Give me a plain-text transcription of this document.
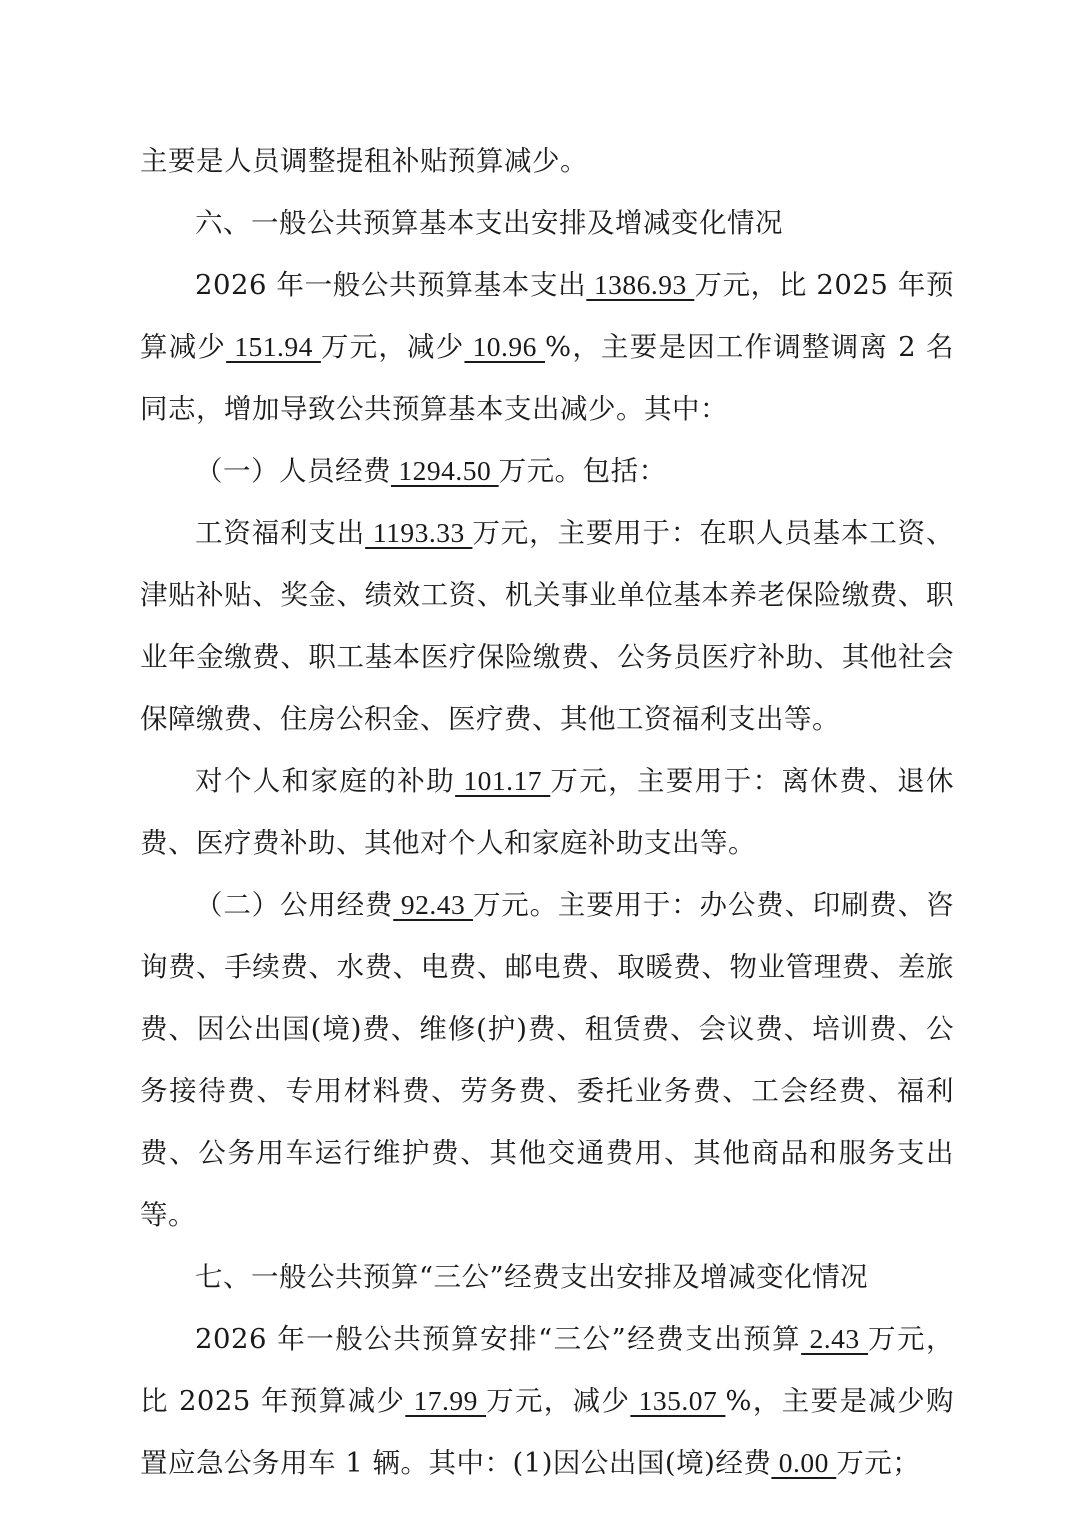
主要是人员调整提租补贴预算减少。

六、一般公共预算基本支出安排及增减变化情况

2026 年一般公共预算基本支出 1386.93 万元，比 2025 年预算减少 151.94 万元，减少 10.96 %，主要是因工作调整调离 2 名同志，增加导致公共预算基本支出减少。其中：

（一）人员经费 1294.50 万元。包括：

工资福利支出 1193.33 万元，主要用于：在职人员基本工资、津贴补贴、奖金、绩效工资、机关事业单位基本养老保险缴费、职业年金缴费、职工基本医疗保险缴费、公务员医疗补助、其他社会保障缴费、住房公积金、医疗费、其他工资福利支出等。

对个人和家庭的补助 101.17 万元，主要用于：离休费、退休费、医疗费补助、其他对个人和家庭补助支出等。

（二）公用经费 92.43 万元。主要用于：办公费、印刷费、咨询费、手续费、水费、电费、邮电费、取暖费、物业管理费、差旅费、因公出国(境)费、维修(护)费、租赁费、会议费、培训费、公务接待费、专用材料费、劳务费、委托业务费、工会经费、福利费、公务用车运行维护费、其他交通费用、其他商品和服务支出等。

七、一般公共预算“三公”经费支出安排及增减变化情况

2026 年一般公共预算安排“三公”经费支出预算 2.43 万元，比 2025 年预算减少 17.99 万元，减少 135.07 %，主要是减少购置应急公务用车 1 辆。其中：(1)因公出国(境)经费 0.00 万元；
